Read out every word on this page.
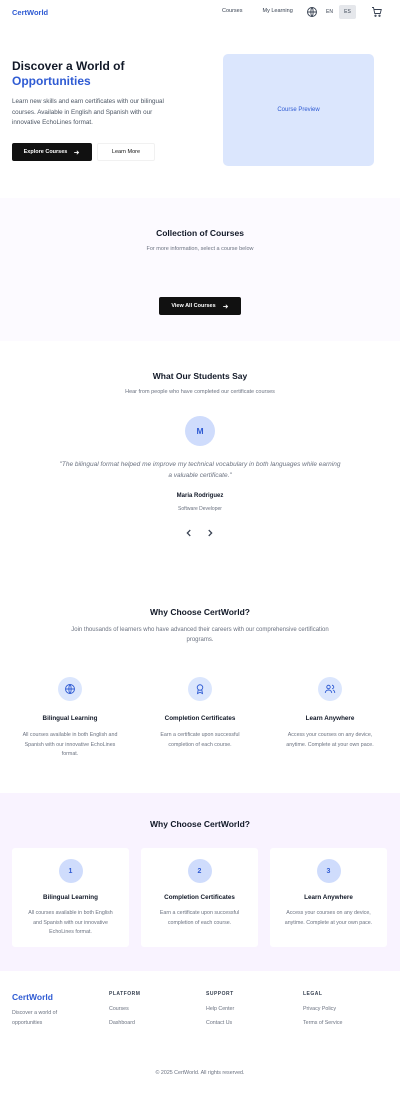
CertWorld	Courses	My Learning	EN	ES
Discover a World of
Opportunities

Learn new skills and earn certificates with our bilingual courses. Available in English and Spanish with our innovative EchoLines format.

Explore Courses	Learn More
Course Preview
Collection of Courses
For more information, select a course below
View All Courses
What Our Students Say
Hear from people who have completed our certificate courses
M
"The bilingual format helped me improve my technical vocabulary in both languages while earning a valuable certificate."
Maria Rodriguez
Software Developer
Why Choose CertWorld?
Join thousands of learners who have advanced their careers with our comprehensive certification programs.
Bilingual Learning

All courses available in both English and Spanish with our innovative EchoLines format.

Completion Certificates

Earn a certificate upon successful completion of each course.

Learn Anywhere

Access your courses on any device, anytime. Complete at your own pace.

Why Choose CertWorld?
1
Bilingual Learning

All courses available in both English and Spanish with our innovative EchoLines format.

2
Completion Certificates

Earn a certificate upon successful completion of each course.

3
Learn Anywhere

Access your courses on any device, anytime. Complete at your own pace.

CertWorld
Discover a world of opportunities
PLATFORM
Courses
Dashboard
SUPPORT
Help Center
Contact Us
LEGAL
Privacy Policy
Terms of Service
© 2025 CertWorld. All rights reserved.
